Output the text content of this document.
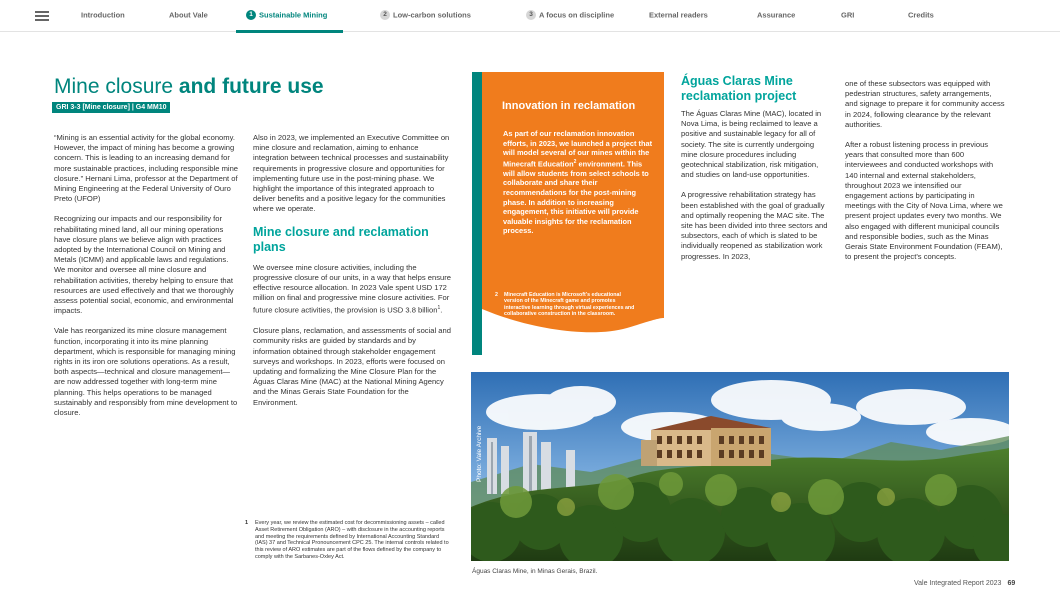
Introduction	About Vale	1 Sustainable Mining	2 Low-carbon solutions	3 A focus on discipline	External readers	Assurance	GRI	Credits
Mine closure and future use
GRI 3-3 [Mine closure] | G4 MM10

“Mining is an essential activity for the global economy. However, the impact of mining has become a growing concern. This is leading to an increasing demand for more sustainable practices, including responsible mine closure.” Hernani Lima, professor at the Department of Mining Engineering at the Federal University of Ouro Preto (UFOP)

Recognizing our impacts and our responsibility for rehabilitating mined land, all our mining operations have closure plans we believe align with practices adopted by the International Council on Mining and Metals (ICMM) and applicable laws and regulations. We monitor and oversee all mine closure and rehabilitation activities, thereby helping to ensure that resources are used effectively and that we thoroughly assess potential social, economic, and environmental impacts.

Vale has reorganized its mine closure management function, incorporating it into its mine planning department, which is responsible for managing mining rights in its iron ore solutions operations. As a result, both aspects—technical and closure management—are now addressed together with long-term mine planning. This helps operations to be managed sustainably and responsibly from mine development to closure.

Also in 2023, we implemented an Executive Committee on mine closure and reclamation, aiming to enhance integration between technical processes and sustainability requirements in progressive closure and opportunities for implementing future use in the post-mining phase. We highlight the importance of this integrated approach to deliver benefits and a positive legacy for the communities where we operate.

Mine closure and reclamation plans

We oversee mine closure activities, including the progressive closure of our units, in a way that helps ensure effective resource allocation. In 2023 Vale spent USD 172 million on final and progressive mine closure activities. For future closure activities, the provision is USD 3.8 billion$^1$.

Closure plans, reclamation, and assessments of social and community risks are guided by standards and by information obtained through stakeholder engagement surveys and workshops. In 2023, efforts were focused on updating and formalizing the Mine Closure Plan for the Águas Claras Mine (MAC) at the National Mining Agency and the Minas Gerais State Foundation for the Environment.

1	Every year, we review the estimated cost for decommissioning assets – called Asset Retirement Obligation (ARO) – with disclosure in the accounting reports and meeting the requirements defined by International Accounting Standard (IAS) 37 and Technical Pronouncement CPC 25. The internal controls related to this review of ARO estimates are part of the flows defined by the company to comply with the Sarbanes-Oxley Act.
Innovation in reclamation
As part of our reclamation innovation efforts, in 2023, we launched a project that will model several of our mines within the Minecraft Education$^2$ environment. This will allow students from select schools to collaborate and share their recommendations for the post-mining phase. In addition to increasing engagement, this initiative will provide valuable insights for the reclamation process.
2	Minecraft Education is Microsoft's educational version of the Minecraft game and promotes interactive learning through virtual experiences and collaborative construction in the classroom.
Águas Claras Mine reclamation project

The Águas Claras Mine (MAC), located in Nova Lima, is being reclaimed to leave a positive and sustainable legacy for all of society. The site is currently undergoing mine closure procedures including geotechnical stabilization, risk mitigation, and studies on land-use opportunities.

A progressive rehabilitation strategy has been established with the goal of gradually and optimally reopening the MAC site. The site has been divided into three sectors and subsectors, each of which is slated to be individually reopened as stabilization work progresses. In 2023,

one of these subsectors was equipped with pedestrian structures, safety arrangements, and signage to prepare it for community access in 2024, following clearance by the relevant authorities.

After a robust listening process in previous years that consulted more than 600 interviewees and conducted workshops with 140 internal and external stakeholders, throughout 2023 we intensified our engagement actions by participating in meetings with the City of Nova Lima, where we present project updates every two months. We also engaged with different municipal councils and responsible bodies, such as the Minas Gerais State Environment Foundation (FEAM), to present the project's concepts.

Photo: Vale Archive
Águas Claras Mine, in Minas Gerais, Brazil.
Vale Integrated Report 2023 69
